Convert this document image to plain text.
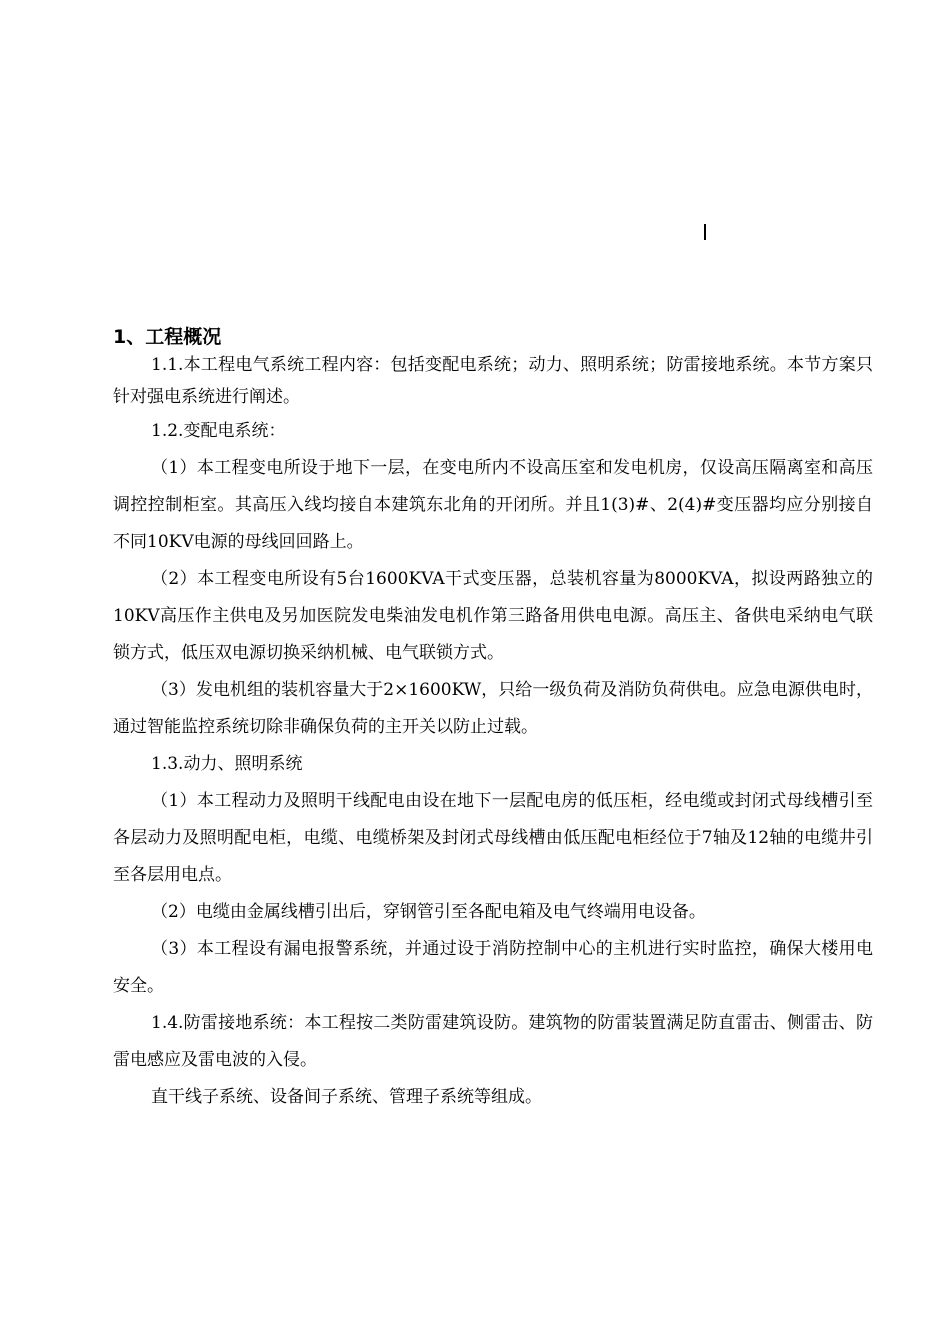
1、工程概况

1.1.本工程电气系统工程内容：包括变配电系统；动力、照明系统；防雷接地系统。本节方案只针对强电系统进行阐述。

1.2.变配电系统：

（1）本工程变电所设于地下一层，在变电所内不设高压室和发电机房，仅设高压隔离室和高压调控控制柜室。其高压入线均接自本建筑东北角的开闭所。并且1(3)#、2(4)#变压器均应分别接自不同10KV电源的母线回回路上。

（2）本工程变电所设有5台1600KVA干式变压器，总装机容量为8000KVA，拟设两路独立的10KV高压作主供电及另加医院发电柴油发电机作第三路备用供电电源。高压主、备供电采纳电气联锁方式，低压双电源切换采纳机械、电气联锁方式。

（3）发电机组的装机容量大于2×1600KW，只给一级负荷及消防负荷供电。应急电源供电时，通过智能监控系统切除非确保负荷的主开关以防止过载。

1.3.动力、照明系统

（1）本工程动力及照明干线配电由设在地下一层配电房的低压柜，经电缆或封闭式母线槽引至各层动力及照明配电柜，电缆、电缆桥架及封闭式母线槽由低压配电柜经位于7轴及12轴的电缆井引至各层用电点。

（2）电缆由金属线槽引出后，穿钢管引至各配电箱及电气终端用电设备。

（3）本工程设有漏电报警系统，并通过设于消防控制中心的主机进行实时监控，确保大楼用电安全。

1.4.防雷接地系统：本工程按二类防雷建筑设防。建筑物的防雷装置满足防直雷击、侧雷击、防雷电感应及雷电波的入侵。

直干线子系统、设备间子系统、管理子系统等组成。
